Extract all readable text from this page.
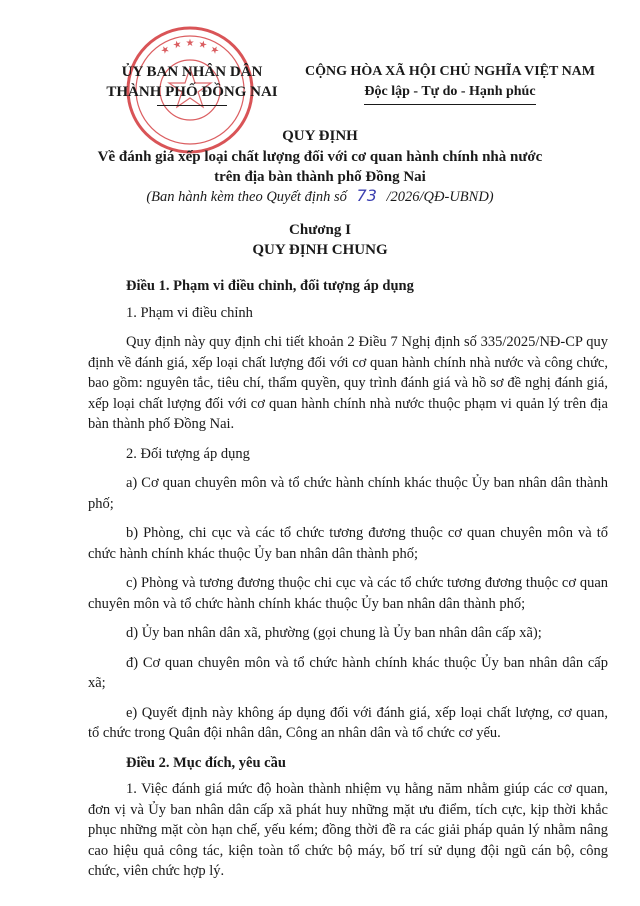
★ ★ ★ ★ ★
ỦY BAN NHÂN DÂN
THÀNH PHỐ ĐỒNG NAI
CỘNG HÒA XÃ HỘI CHỦ NGHĨA VIỆT NAM
Độc lập - Tự do - Hạnh phúc
QUY ĐỊNH
Về đánh giá xếp loại chất lượng đối với cơ quan hành chính nhà nước
trên địa bàn thành phố Đồng Nai
(Ban hành kèm theo Quyết định số 73 /2026/QĐ-UBND)
Chương I
QUY ĐỊNH CHUNG

Điều 1. Phạm vi điều chỉnh, đối tượng áp dụng

1. Phạm vi điều chỉnh

Quy định này quy định chi tiết khoản 2 Điều 7 Nghị định số 335/2025/NĐ-CP quy định về đánh giá, xếp loại chất lượng đối với cơ quan hành chính nhà nước và công chức, bao gồm: nguyên tắc, tiêu chí, thẩm quyền, quy trình đánh giá và hồ sơ đề nghị đánh giá, xếp loại chất lượng đối với cơ quan hành chính nhà nước thuộc phạm vi quản lý trên địa bàn thành phố Đồng Nai.

2. Đối tượng áp dụng

a) Cơ quan chuyên môn và tổ chức hành chính khác thuộc Ủy ban nhân dân thành phố;

b) Phòng, chi cục và các tổ chức tương đương thuộc cơ quan chuyên môn và tổ chức hành chính khác thuộc Ủy ban nhân dân thành phố;

c) Phòng và tương đương thuộc chi cục và các tổ chức tương đương thuộc cơ quan chuyên môn và tổ chức hành chính khác thuộc Ủy ban nhân dân thành phố;

d) Ủy ban nhân dân xã, phường (gọi chung là Ủy ban nhân dân cấp xã);

đ) Cơ quan chuyên môn và tổ chức hành chính khác thuộc Ủy ban nhân dân cấp xã;

e) Quyết định này không áp dụng đối với đánh giá, xếp loại chất lượng, cơ quan, tổ chức trong Quân đội nhân dân, Công an nhân dân và tổ chức cơ yếu.

Điều 2. Mục đích, yêu cầu

1. Việc đánh giá mức độ hoàn thành nhiệm vụ hằng năm nhằm giúp các cơ quan, đơn vị và Ủy ban nhân dân cấp xã phát huy những mặt ưu điểm, tích cực, kịp thời khắc phục những mặt còn hạn chế, yếu kém; đồng thời đề ra các giải pháp quản lý nhằm nâng cao hiệu quả công tác, kiện toàn tổ chức bộ máy, bố trí sử dụng đội ngũ cán bộ, công chức, viên chức hợp lý.
